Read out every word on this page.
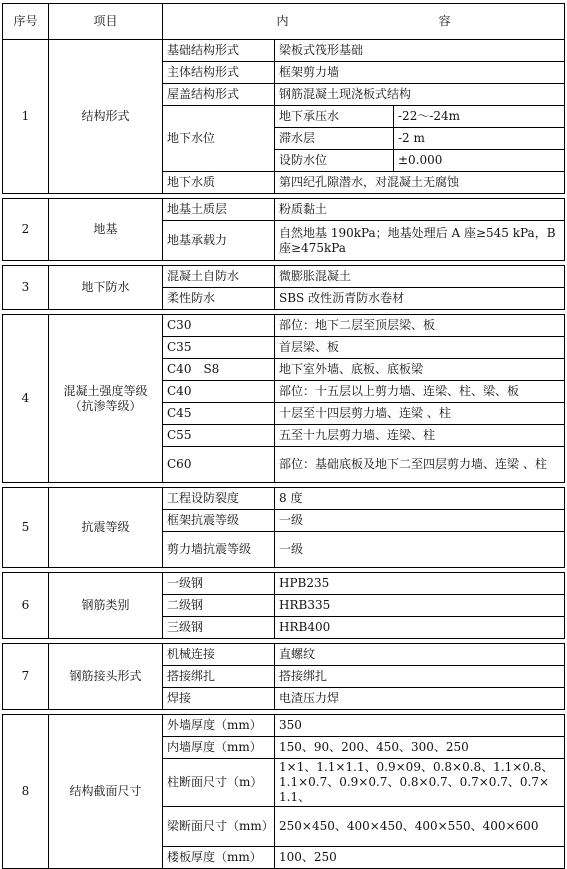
序号	项目	内 容		
1	结构形式	基础结构形式	梁板式筏形基础	
		主体结构形式	框架剪力墙	
		屋盖结构形式	钢筋混凝土现浇板式结构	
		地下水位	地下承压水	-22～-24m
			滞水层	-2 m
			设防水位	±0.000
		地下水质	第四纪孔隙潜水，对混凝土无腐蚀	

2	地基	地基土质层	粉质黏土	
		地基承载力	自然地基 190kPa；地基处理后 A 座≥545 kPa，B 座≥475kPa	

3	地下防水	混凝土自防水	微膨胀混凝土	
		柔性防水	SBS 改性沥青防水卷材	

4	混凝土强度等级（抗渗等级）	C30	部位：地下二层至顶层梁、板	
		C35	首层梁、板	
		C40　S8	地下室外墙、底板、底板梁	
		C40	部位：十五层以上剪力墙、连梁、柱、梁、板	
		C45	十层至十四层剪力墙、连梁 、柱	
		C55	五至十九层剪力墙、连梁、柱	
		C60	部位：基础底板及地下二至四层剪力墙、连梁 、柱	

5	抗震等级	工程设防裂度	8 度	
		框架抗震等级	一级	
		剪力墙抗震等级	一级	

6	钢筋类别	一级钢	HPB235	
		二级钢	HRB335	
		三级钢	HRB400	

7	钢筋接头形式	机械连接	直螺纹	
		搭接绑扎	搭接绑扎	
		焊接	电渣压力焊	

8	结构截面尺寸	外墙厚度（mm）	350	
		内墙厚度（mm）	150、90、200、450、300、250	
		柱断面尺寸（m）	1×1、1.1×1.1、0.9×09、0.8×0.8、1.1×0.8、1.1×0.7、0.9×0.7、0.8×0.7、0.7×0.7、0.7×1.1、	
		梁断面尺寸（mm）	250×450、400×450、400×550、400×600	
		楼板厚度（mm）	100、250	
